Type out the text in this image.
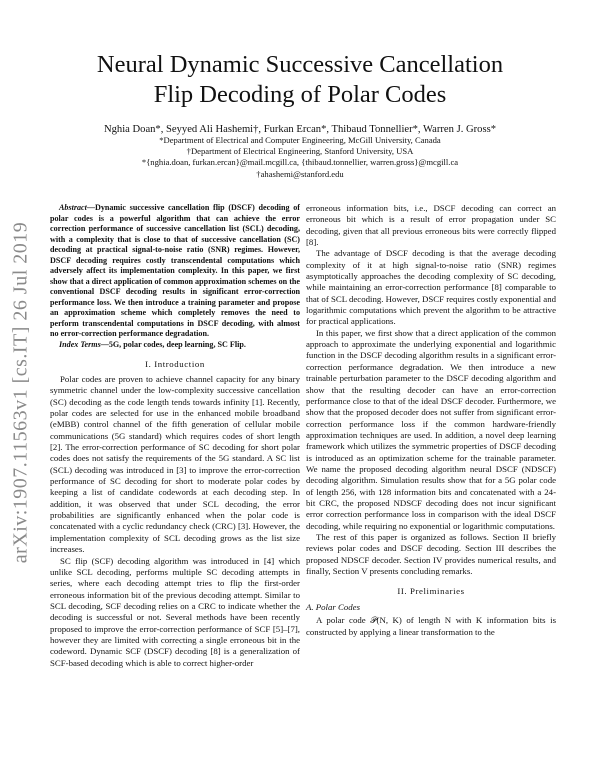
arXiv:1907.11563v1 [cs.IT] 26 Jul 2019
Neural Dynamic Successive Cancellation
Flip Decoding of Polar Codes
Nghia Doan*, Seyyed Ali Hashemi†, Furkan Ercan*, Thibaud Tonnellier*, Warren J. Gross*
*Department of Electrical and Computer Engineering, McGill University, Canada
†Department of Electrical Engineering, Stanford University, USA
*{nghia.doan, furkan.ercan}@mail.mcgill.ca, {thibaud.tonnellier, warren.gross}@mcgill.ca
†ahashemi@stanford.edu

Abstract—Dynamic successive cancellation flip (DSCF) decoding of polar codes is a powerful algorithm that can achieve the error correction performance of successive cancellation list (SCL) decoding, with a complexity that is close to that of successive cancellation (SC) decoding at practical signal-to-noise ratio (SNR) regimes. However, DSCF decoding requires costly transcendental computations which adversely affect its implementation complexity. In this paper, we first show that a direct application of common approximation schemes on the conventional DSCF decoding results in significant error-correction performance loss. We then introduce a training parameter and propose an approximation scheme which completely removes the need to perform transcendental computations in DSCF decoding, with almost no error-correction performance degradation.

Index Terms—5G, polar codes, deep learning, SC Flip.

I. Introduction

Polar codes are proven to achieve channel capacity for any binary symmetric channel under the low-complexity successive cancellation (SC) decoding as the code length tends towards infinity [1]. Recently, polar codes are selected for use in the enhanced mobile broadband (eMBB) control channel of the fifth generation of cellular mobile communications (5G standard) which requires codes of short length [2]. The error-correction performance of SC decoding for short polar codes does not satisfy the requirements of the 5G standard. A SC list (SCL) decoding was introduced in [3] to improve the error-correction performance of SC decoding for short to moderate polar codes by keeping a list of candidate codewords at each decoding step. In addition, it was observed that under SCL decoding, the error probabilities are significantly enhanced when the polar code is concatenated with a cyclic redundancy check (CRC) [3]. However, the implementation complexity of SCL decoding grows as the list size increases.

SC flip (SCF) decoding algorithm was introduced in [4] which unlike SCL decoding, performs multiple SC decoding attempts in series, where each decoding attempt tries to flip the first-order erroneous information bit of the previous decoding attempt. Similar to SCL decoding, SCF decoding relies on a CRC to indicate whether the decoding is successful or not. Several methods have been recently proposed to improve the error-correction performance of SCF [5]–[7], however they are limited with correcting a single erroneous bit in the codeword. Dynamic SCF (DSCF) decoding [8] is a generalization of SCF-based decoding which is able to correct higher-order

erroneous information bits, i.e., DSCF decoding can correct an erroneous bit which is a result of error propagation under SC decoding, given that all previous erroneous bits were correctly flipped [8].

The advantage of DSCF decoding is that the average decoding complexity of it at high signal-to-noise ratio (SNR) regimes asymptotically approaches the decoding complexity of SC decoding, while maintaining an error-correction performance [8] comparable to that of SCL decoding. However, DSCF requires costly exponential and logarithmic computations which prevent the algorithm to be attractive for practical applications.

In this paper, we first show that a direct application of the common approach to approximate the underlying exponential and logarithmic function in the DSCF decoding algorithm results in a significant error-correction performance degradation. We then introduce a new trainable perturbation parameter to the DSCF decoding algorithm and show that the resulting decoder can have an error-correction performance close to that of the ideal DSCF decoder. Furthermore, we show that the proposed decoder does not suffer from significant error-correction performance loss if the common hardware-friendly approximation techniques are used. In addition, a novel deep learning framework which utilizes the symmetric properties of DSCF decoding is introduced as an optimization scheme for the trainable parameter. We name the proposed decoding algorithm neural DSCF (NDSCF) decoding algorithm. Simulation results show that for a 5G polar code of length 256, with 128 information bits and concatenated with a 24-bit CRC, the proposed NDSCF decoding does not incur significant error correction performance loss in comparison with the ideal DSCF decoding, while requiring no exponential or logarithmic computations.

The rest of this paper is organized as follows. Section II briefly reviews polar codes and DSCF decoding. Section III describes the proposed NDSCF decoder. Section IV provides numerical results, and finally, Section V presents concluding remarks.

II. Preliminaries
A. Polar Codes

A polar code 𝒫(N, K) of length N with K information bits is constructed by applying a linear transformation to the
